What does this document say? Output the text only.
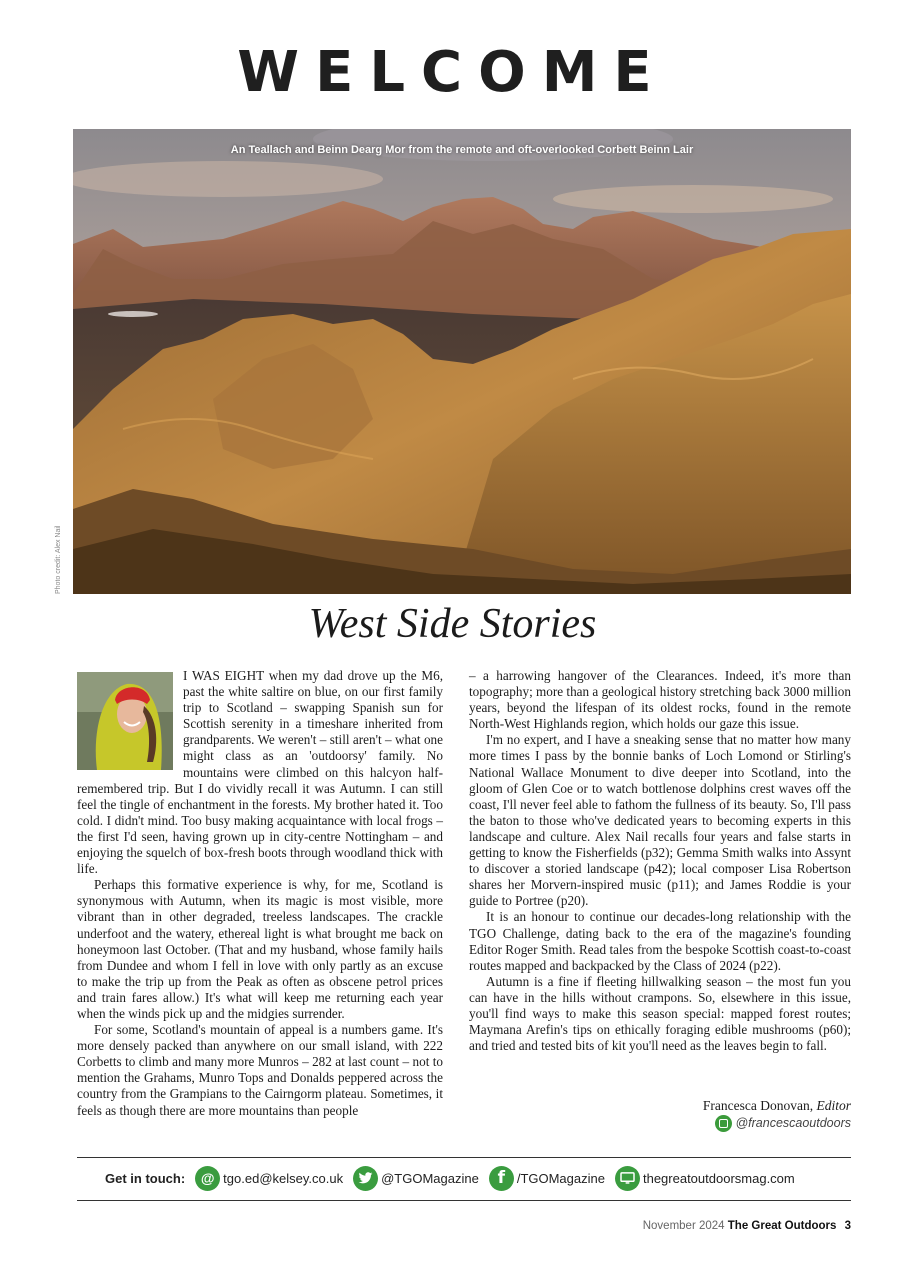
WELCOME
An Teallach and Beinn Dearg Mor from the remote and oft-overlooked Corbett Beinn Lair
Photo credit: Alex Nail
West Side Stories

I WAS EIGHT when my dad drove up the M6, past the white saltire on blue, on our first family trip to Scotland – swapping Spanish sun for Scottish serenity in a timeshare inherited from grandparents. We weren't – still aren't – what one might class as an 'outdoorsy' family. No mountains were climbed on this halcyon half-remembered trip. But I do vividly recall it was Autumn. I can still feel the tingle of enchantment in the forests. My brother hated it. Too cold. I didn't mind. Too busy making acquaintance with local frogs – the first I'd seen, having grown up in city-centre Nottingham – and enjoying the squelch of box-fresh boots through woodland thick with life.

Perhaps this formative experience is why, for me, Scotland is synonymous with Autumn, when its magic is most visible, more vibrant than in other degraded, treeless landscapes. The crackle underfoot and the watery, ethereal light is what brought me back on honeymoon last October. (That and my husband, whose family hails from Dundee and whom I fell in love with only partly as an excuse to make the trip up from the Peak as often as obscene petrol prices and train fares allow.) It's what will keep me returning each year when the winds pick up and the midgies surrender.

For some, Scotland's mountain of appeal is a numbers game. It's more densely packed than anywhere on our small island, with 222 Corbetts to climb and many more Munros – 282 at last count – not to mention the Grahams, Munro Tops and Donalds peppered across the country from the Grampians to the Cairngorm plateau. Sometimes, it feels as though there are more mountains than people

– a harrowing hangover of the Clearances. Indeed, it's more than topography; more than a geological history stretching back 3000 million years, beyond the lifespan of its oldest rocks, found in the remote North-West Highlands region, which holds our gaze this issue.

I'm no expert, and I have a sneaking sense that no matter how many more times I pass by the bonnie banks of Loch Lomond or Stirling's National Wallace Monument to dive deeper into Scotland, into the gloom of Glen Coe or to watch bottlenose dolphins crest waves off the coast, I'll never feel able to fathom the fullness of its beauty. So, I'll pass the baton to those who've dedicated years to becoming experts in this landscape and culture. Alex Nail recalls four years and false starts in getting to know the Fisherfields (p32); Gemma Smith walks into Assynt to discover a storied landscape (p42); local composer Lisa Robertson shares her Morvern-inspired music (p11); and James Roddie is your guide to Portree (p20).

It is an honour to continue our decades-long relationship with the TGO Challenge, dating back to the era of the magazine's founding Editor Roger Smith. Read tales from the bespoke Scottish coast-to-coast routes mapped and backpacked by the Class of 2024 (p22).

Autumn is a fine if fleeting hillwalking season – the most fun you can have in the hills without crampons. So, elsewhere in this issue, you'll find ways to make this season special: mapped forest routes; Maymana Arefin's tips on ethically foraging edible mushrooms (p60); and tried and tested bits of kit you'll need as the leaves begin to fall.

Francesca Donovan, Editor
@francescaoutdoors
Get in touch:	@ tgo.ed@kelsey.co.uk	@TGOMagazine	f /TGOMagazine	thegreatoutdoorsmag.com
November 2024 The Great Outdoors 3
